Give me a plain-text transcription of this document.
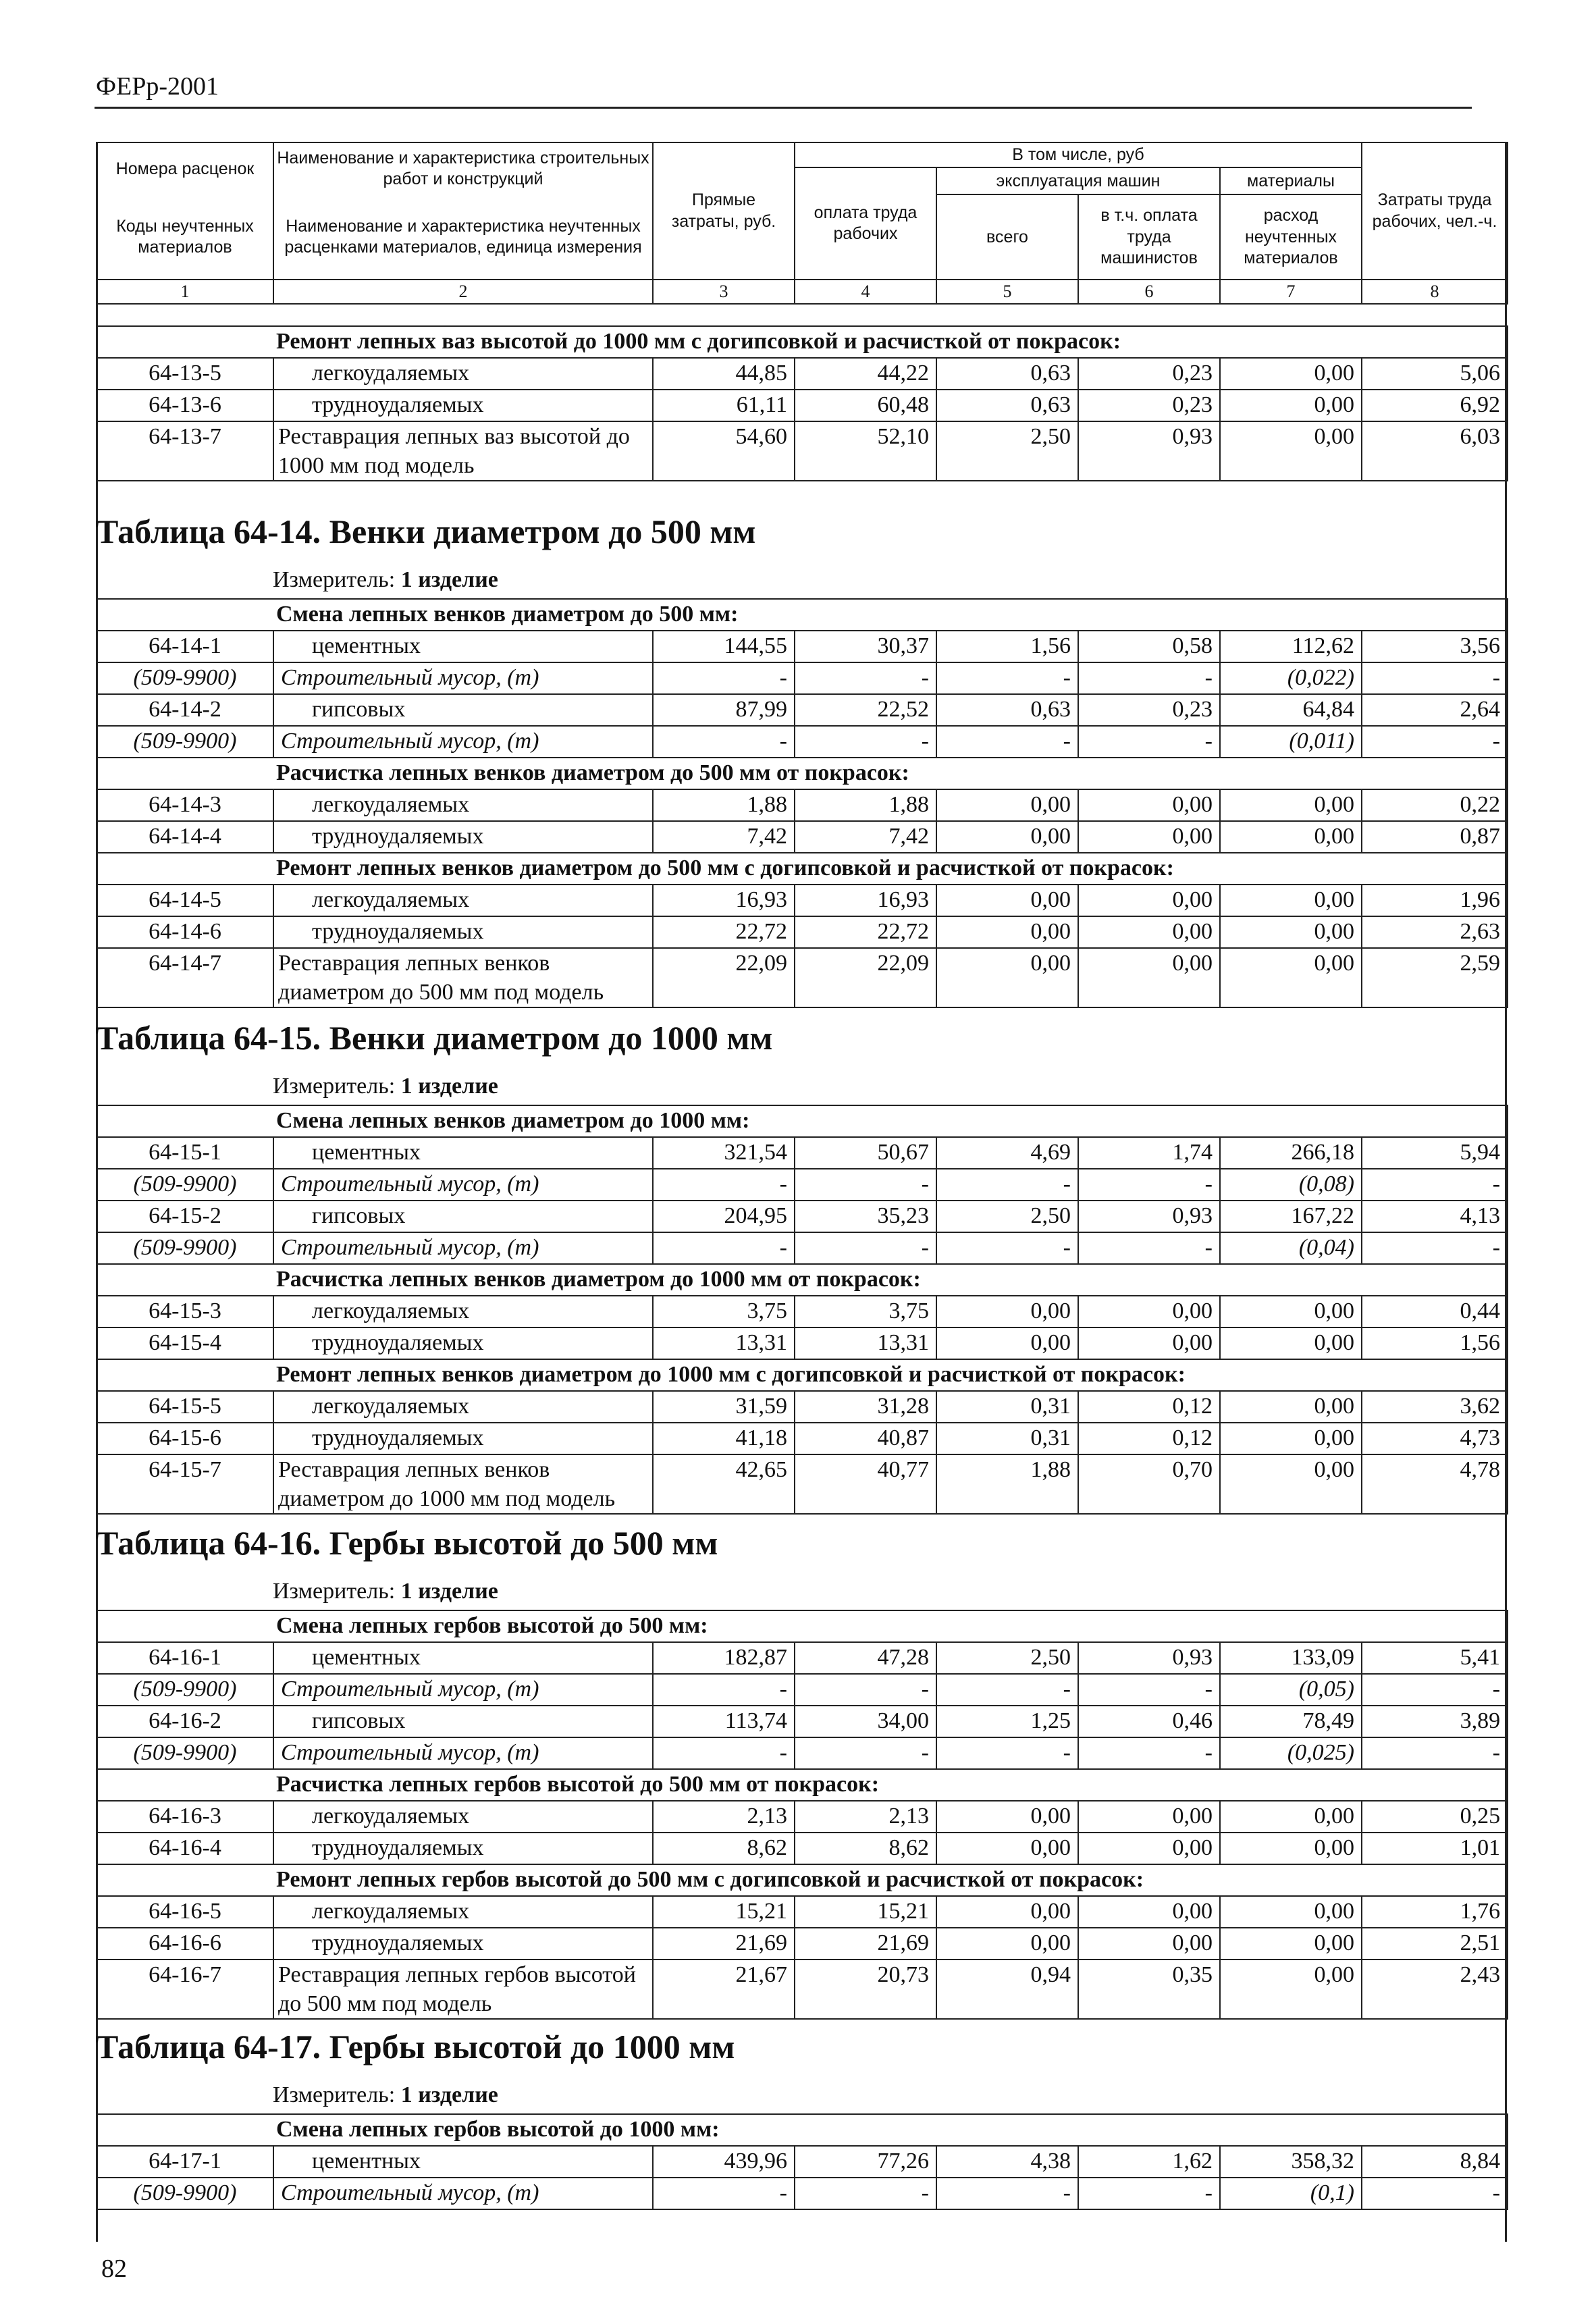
ФЕРр-2001
Номера расценок	Наименование и характеристика строительных работ и конструкций	Прямые затраты, руб.	В том числе, руб				Затраты труда рабочих, чел.-ч.
			оплата труда рабочих	эксплуатация машин		материалы	
Коды неучтенных материалов	Наименование и характеристика неучтенных расценками материалов, единица измерения			всего	в т.ч. оплата труда машинистов	расход неучтенных материалов	

1	2	3	4	5	6	7	8
Ремонт лепных ваз высотой до 1000 мм с догипсовкой и расчисткой от покрасок:							
64-13-5	легкоудаляемых	44,85	44,22	0,63	0,23	0,00	5,06
64-13-6	трудноудаляемых	61,11	60,48	0,63	0,23	0,00	6,92
64-13-7	Реставрация лепных ваз высотой до 1000 мм под модель	54,60	52,10	2,50	0,93	0,00	6,03
Таблица 64-14. Венки диаметром до 500 мм
Измеритель: 1 изделие
Смена лепных венков диаметром до 500 мм:							
64-14-1	цементных	144,55	30,37	1,56	0,58	112,62	3,56
(509-9900)	Строительный мусор, (т)	-	-	-	-	(0,022)	-
64-14-2	гипсовых	87,99	22,52	0,63	0,23	64,84	2,64
(509-9900)	Строительный мусор, (т)	-	-	-	-	(0,011)	-
Расчистка лепных венков диаметром до 500 мм от покрасок:							
64-14-3	легкоудаляемых	1,88	1,88	0,00	0,00	0,00	0,22
64-14-4	трудноудаляемых	7,42	7,42	0,00	0,00	0,00	0,87
Ремонт лепных венков диаметром до 500 мм с догипсовкой и расчисткой от покрасок:							
64-14-5	легкоудаляемых	16,93	16,93	0,00	0,00	0,00	1,96
64-14-6	трудноудаляемых	22,72	22,72	0,00	0,00	0,00	2,63
64-14-7	Реставрация лепных венков диаметром до 500 мм под модель	22,09	22,09	0,00	0,00	0,00	2,59
Таблица 64-15. Венки диаметром до 1000 мм
Измеритель: 1 изделие
Смена лепных венков диаметром до 1000 мм:							
64-15-1	цементных	321,54	50,67	4,69	1,74	266,18	5,94
(509-9900)	Строительный мусор, (т)	-	-	-	-	(0,08)	-
64-15-2	гипсовых	204,95	35,23	2,50	0,93	167,22	4,13
(509-9900)	Строительный мусор, (т)	-	-	-	-	(0,04)	-
Расчистка лепных венков диаметром до 1000 мм от покрасок:							
64-15-3	легкоудаляемых	3,75	3,75	0,00	0,00	0,00	0,44
64-15-4	трудноудаляемых	13,31	13,31	0,00	0,00	0,00	1,56
Ремонт лепных венков диаметром до 1000 мм с догипсовкой и расчисткой от покрасок:							
64-15-5	легкоудаляемых	31,59	31,28	0,31	0,12	0,00	3,62
64-15-6	трудноудаляемых	41,18	40,87	0,31	0,12	0,00	4,73
64-15-7	Реставрация лепных венков диаметром до 1000 мм под модель	42,65	40,77	1,88	0,70	0,00	4,78
Таблица 64-16. Гербы высотой до 500 мм
Измеритель: 1 изделие
Смена лепных гербов высотой до 500 мм:							
64-16-1	цементных	182,87	47,28	2,50	0,93	133,09	5,41
(509-9900)	Строительный мусор, (т)	-	-	-	-	(0,05)	-
64-16-2	гипсовых	113,74	34,00	1,25	0,46	78,49	3,89
(509-9900)	Строительный мусор, (т)	-	-	-	-	(0,025)	-
Расчистка лепных гербов высотой до 500 мм от покрасок:							
64-16-3	легкоудаляемых	2,13	2,13	0,00	0,00	0,00	0,25
64-16-4	трудноудаляемых	8,62	8,62	0,00	0,00	0,00	1,01
Ремонт лепных гербов высотой до 500 мм с догипсовкой и расчисткой от покрасок:							
64-16-5	легкоудаляемых	15,21	15,21	0,00	0,00	0,00	1,76
64-16-6	трудноудаляемых	21,69	21,69	0,00	0,00	0,00	2,51
64-16-7	Реставрация лепных гербов высотой до 500 мм под модель	21,67	20,73	0,94	0,35	0,00	2,43
Таблица 64-17. Гербы высотой до 1000 мм
Измеритель: 1 изделие
Смена лепных гербов высотой до 1000 мм:							
64-17-1	цементных	439,96	77,26	4,38	1,62	358,32	8,84
(509-9900)	Строительный мусор, (т)	-	-	-	-	(0,1)	-
82
